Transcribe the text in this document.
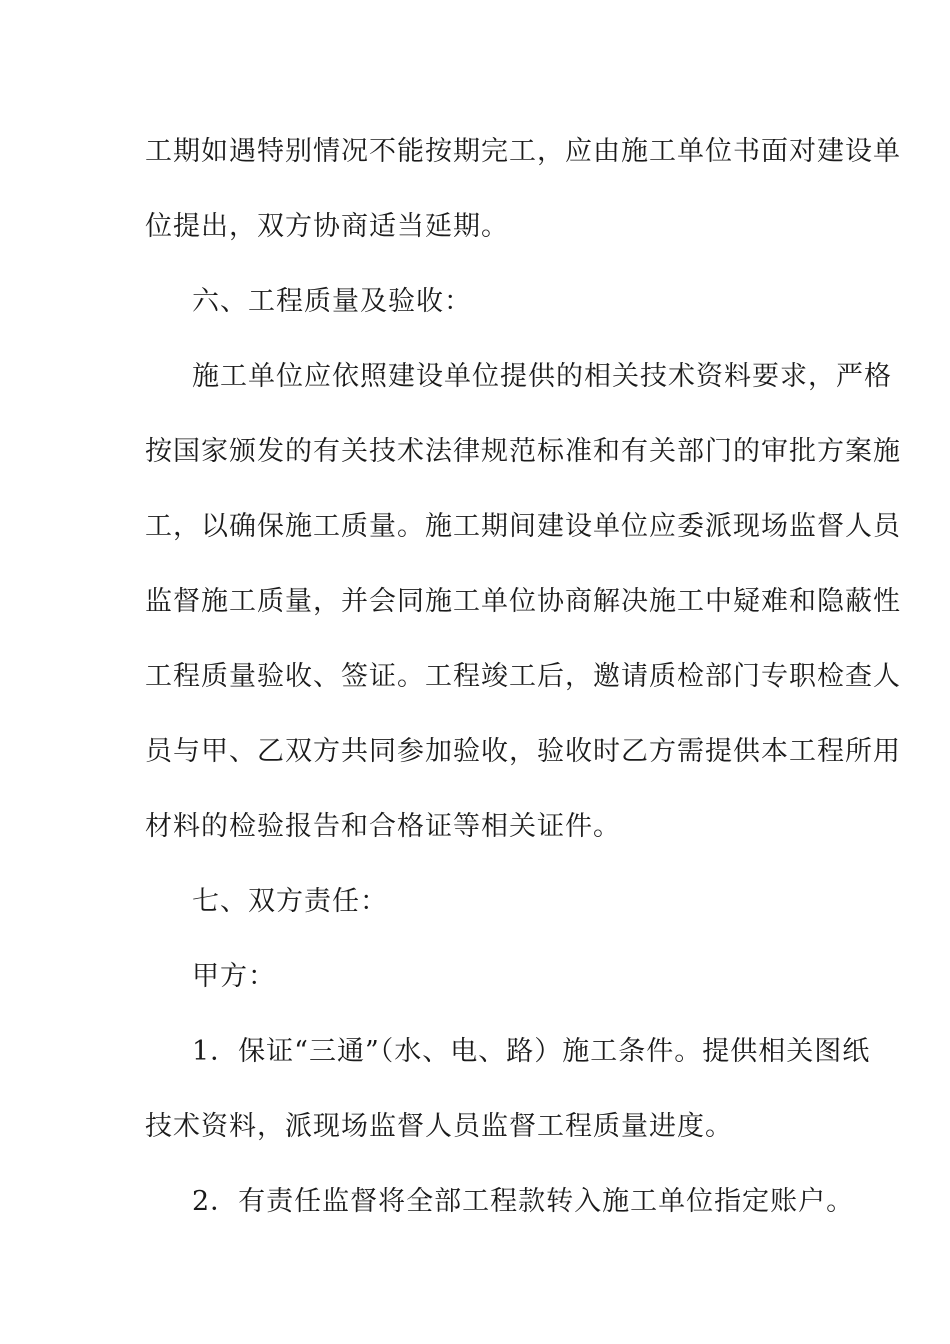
工期如遇特别情况不能按期完工，应由施工单位书面对建设单
位提出，双方协商适当延期。
六、工程质量及验收：
施工单位应依照建设单位提供的相关技术资料要求，严格
按国家颁发的有关技术法律规范标准和有关部门的审批方案施
工，以确保施工质量。施工期间建设单位应委派现场监督人员
监督施工质量，并会同施工单位协商解决施工中疑难和隐蔽性
工程质量验收、签证。工程竣工后，邀请质检部门专职检查人
员与甲、乙双方共同参加验收，验收时乙方需提供本工程所用
材料的检验报告和合格证等相关证件。
七、双方责任：
甲方：
1．保证“三通”（水、电、路）施工条件。提供相关图纸
技术资料，派现场监督人员监督工程质量进度。
2．有责任监督将全部工程款转入施工单位指定账户。
